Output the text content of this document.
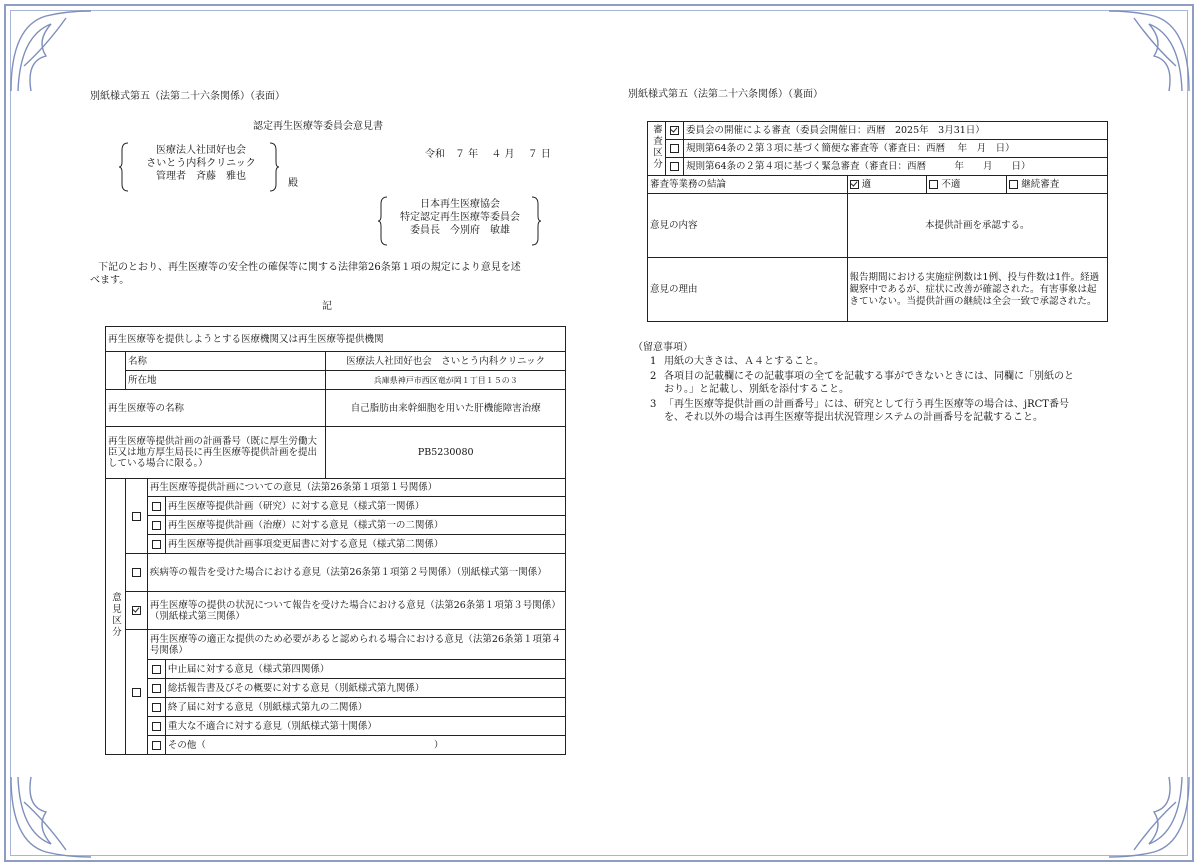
別紙様式第五（法第二十六条関係）（表面）
認定再生医療等委員会意見書
医療法人社団好也会
さいとう内科クリニック
管理者　斉藤　雅也
殿
令和　７ 年　 ４ 月　 ７ 日
日本再生医療協会
特定認定再生医療等委員会
委員長　今別府　敏雄
下記のとおり、再生医療等の安全性の確保等に関する法律第26条第１項の規定により意見を述
べます。
記
再生医療等を提供しようとする医療機関又は再生医療等提供機関				
	名称			医療法人社団好也会　さいとう内科クリニック
	所在地			兵庫県神戸市西区竜が岡１丁目１５の３
再生医療等の名称				自己脂肪由来幹細胞を用いた肝機能障害治療
再生医療等提供計画の計画番号（既に厚生労働大臣又は地方厚生局長に再生医療等提供計画を提出している場合に限る。）				PB5230080
意見区分		再生医療等提供計画についての意見（法第26条第１項第１号関係）		
			再生医療等提供計画（研究）に対する意見（様式第一関係）	
			再生医療等提供計画（治療）に対する意見（様式第一の二関係）	
			再生医療等提供計画事項変更届書に対する意見（様式第二関係）	
		疾病等の報告を受けた場合における意見（法第26条第１項第２号関係）（別紙様式第一関係）		
		再生医療等の提供の状況について報告を受けた場合における意見（法第26条第１項第３号関係）（別紙様式第三関係）		
		再生医療等の適正な提供のため必要があると認められる場合における意見（法第26条第１項第４号関係）		
			中止届に対する意見（様式第四関係）	
			総括報告書及びその概要に対する意見（別紙様式第九関係）	
			終了届に対する意見（別紙様式第九の二関係）	
			重大な不適合に対する意見（別紙様式第十関係）	
			その他（　　　　　　　　　　　　　　　　　　　　　　　　）	
別紙様式第五（法第二十六条関係）（裏面）
審査区分		委員会の開催による審査（委員会開催日：西暦　2025年　3月31日）			
		規則第64条の２第３項に基づく簡便な審査等（審査日：西暦　 年　月　日）			
		規則第64条の２第４項に基づく緊急審査（審査日：西暦　　　年　　月　　日）			
審査等業務の結論			適	不適	継続審査
意見の内容			本提供計画を承認する。		
意見の理由			報告期間における実施症例数は1例、投与件数は1件。経過観察中であるが、症状に改善が確認された。有害事象は起きていない。当提供計画の継続は全会一致で承認された。		
（留意事項）
1 用紙の大きさは、Ａ４とすること。
2 各項目の記載欄にその記載事項の全てを記載する事ができないときには、同欄に「別紙のとおり。」と記載し、別紙を添付すること。
3 「再生医療等提供計画の計画番号」には、研究として行う再生医療等の場合は、jRCT番号を、それ以外の場合は再生医療等提出状況管理システムの計画番号を記載すること。
